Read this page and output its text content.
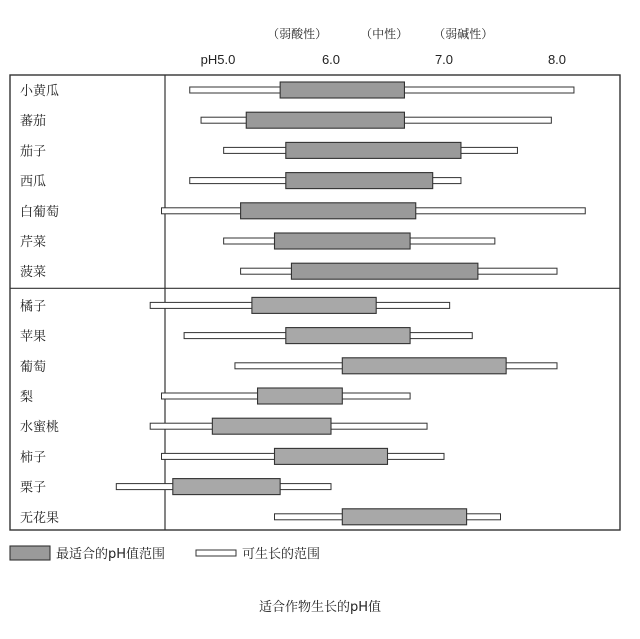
（弱酸性）	（中性） （弱碱性）
pH5.0	6.0	7.0	8.0
小黄瓜
蕃茄
茄子
西瓜
白葡萄
芹菜
菠菜
橘子
苹果
葡萄
梨
水蜜桃
柿子
栗子
无花果
最适合的pH值范围	可生长的范围
适合作物生长的pH值
